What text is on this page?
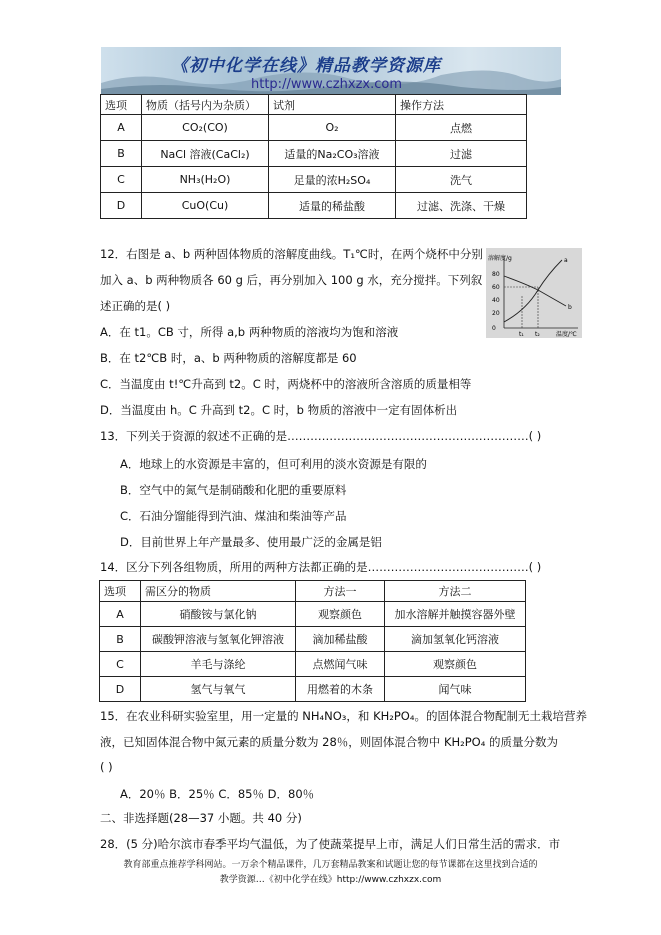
《初中化学在线》精品教学资源库
http://www.czhxzx.com
选项	物质（括号内为杂质）	试剂	操作方法
A	CO₂(CO)	O₂	点燃
B	NaCl 溶液(CaCl₂)	适量的Na₂CO₃溶液	过滤
C	NH₃(H₂O)	足量的浓H₂SO₄	洗气
D	CuO(Cu)	适量的稀盐酸	过滤、洗涤、干燥
12．右图是 a、b 两种固体物质的溶解度曲线。T₁℃时，在两个烧杯中分别
加入 a、b 两种物质各 60 g 后，再分别加入 100 g 水，充分搅拌。下列叙
述正确的是( )
A．在 t1。CB 寸，所得 a,b 两种物质的溶液均为饱和溶液
B．在 t2℃B 时，a、b 两种物质的溶解度都是 60
C．当温度由 t!℃升高到 t2。C 时，两烧杯中的溶液所含溶质的质量相等
D．当温度由 h。C 升高到 t2。C 时，b 物质的溶液中一定有固体析出
溶解度/g
温度/℃
0
20
40
60
80
a
b
t₁ t₂
13．下列关于资源的叙述不正确的是………………………………………………………( )
A．地球上的水资源是丰富的，但可利用的淡水资源是有限的
B．空气中的氮气是制硝酸和化肥的重要原料
C．石油分馏能得到汽油、煤油和柴油等产品
D．目前世界上年产量最多、使用最广泛的金属是铝
14．区分下列各组物质，所用的两种方法都正确的是……………………………………( )
选项	需区分的物质	方法一	方法二
A	硝酸铵与氯化钠	观察颜色	加水溶解并触摸容器外壁
B	碳酸钾溶液与氢氧化钾溶液	滴加稀盐酸	滴加氢氧化钙溶液
C	羊毛与涤纶	点燃闻气味	观察颜色
D	氢气与氧气	用燃着的木条	闻气味
15．在农业科研实验室里，用一定量的 NH₄NO₃，和 KH₂PO₄。的固体混合物配制无土栽培营养
液，已知固体混合物中氮元素的质量分数为 28％，则固体混合物中 KH₂PO₄ 的质量分数为
( )
A．20％ B．25％ C．85％ D．80％
二、非选择题(28—37 小题。共 40 分)
28．(5 分)哈尔滨市春季平均气温低，为了使蔬菜提早上市，满足人们日常生活的需求．市
教育部重点推荐学科网站。一万余个精品课件，几万套精品教案和试题让您的每节课都在这里找到合适的
教学资源…《初中化学在线》http://www.czhxzx.com
